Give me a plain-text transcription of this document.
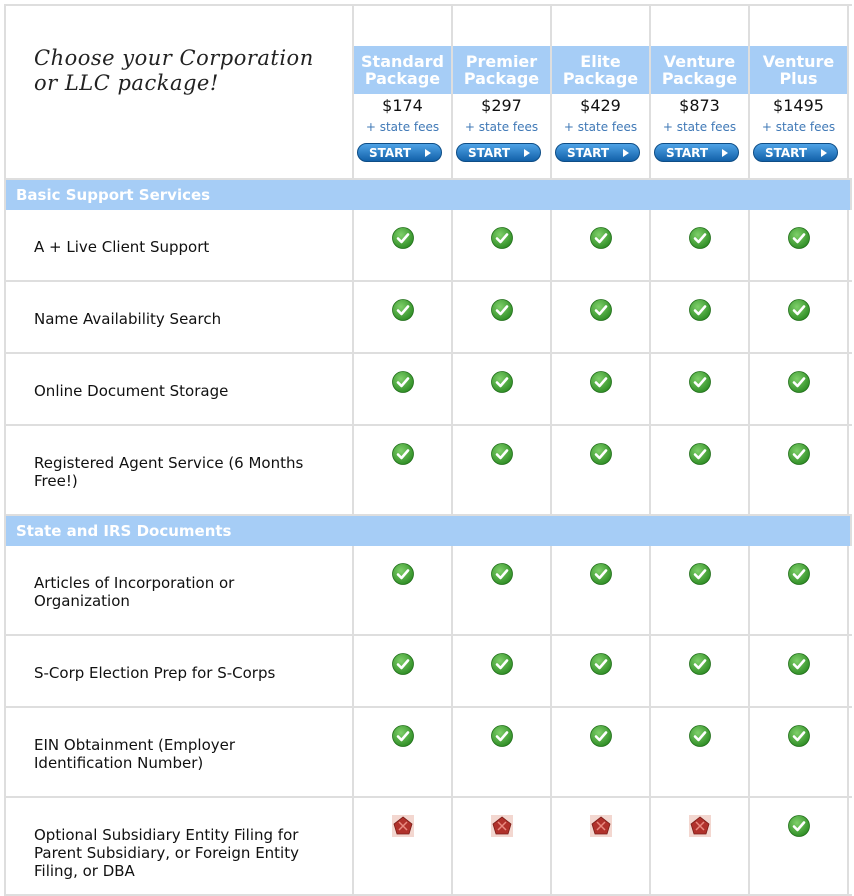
Choose your Corporation
or LLC package!
Standard
Package
$174
+ state fees
START
Premier
Package
$297
+ state fees
START
Elite
Package
$429
+ state fees
START
Venture
Package
$873
+ state fees
START
Venture
Plus
$1495
+ state fees
START
Basic Support Services
A + Live Client Support
Name Availability Search
Online Document Storage
Registered Agent Service (6 Months Free!)
State and IRS Documents
Articles of Incorporation or Organization
S-Corp Election Prep for S-Corps
EIN Obtainment (Employer Identification Number)
Optional Subsidiary Entity Filing for Parent Subsidiary, or Foreign Entity Filing, or DBA
